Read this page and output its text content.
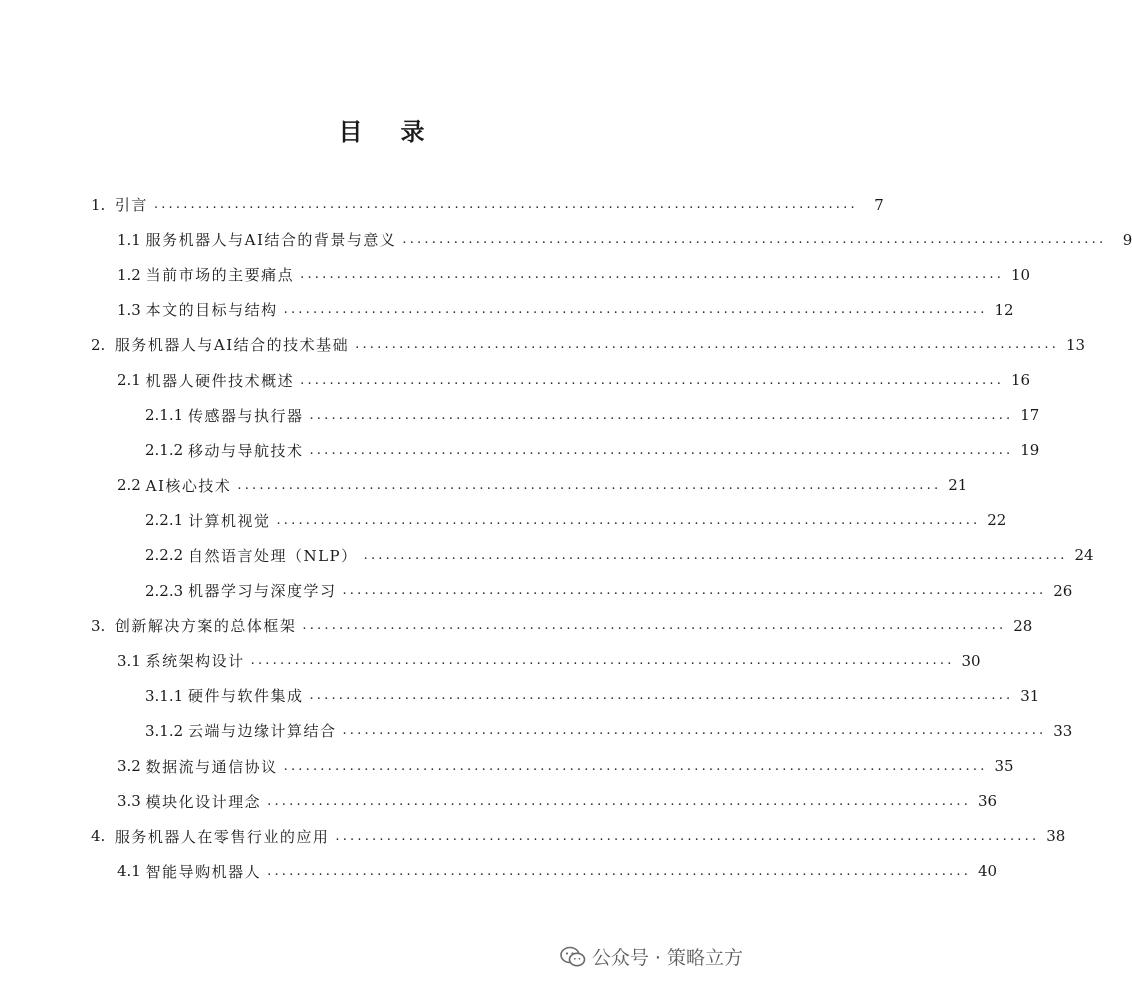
目 录
1. 引言 ................................................................................................	7
1.1 服务机器人与AI结合的背景与意义 ................................................................................................	9
1.2 当前市场的主要痛点 ................................................................................................ 10
1.3 本文的目标与结构 ................................................................................................ 12
2. 服务机器人与AI结合的技术基础 ................................................................................................ 13
2.1 机器人硬件技术概述 ................................................................................................ 16
2.1.1 传感器与执行器 ................................................................................................ 17
2.1.2 移动与导航技术 ................................................................................................ 19
2.2 AI核心技术 ................................................................................................ 21
2.2.1 计算机视觉 ................................................................................................ 22
2.2.2 自然语言处理（NLP） ................................................................................................ 24
2.2.3 机器学习与深度学习 ................................................................................................ 26
3. 创新解决方案的总体框架 ................................................................................................ 28
3.1 系统架构设计 ................................................................................................ 30
3.1.1 硬件与软件集成 ................................................................................................ 31
3.1.2 云端与边缘计算结合 ................................................................................................ 33
3.2 数据流与通信协议 ................................................................................................ 35
3.3 模块化设计理念 ................................................................................................ 36
4. 服务机器人在零售行业的应用 ................................................................................................ 38
4.1 智能导购机器人 ................................................................................................ 40
公众号 · 策略立方
